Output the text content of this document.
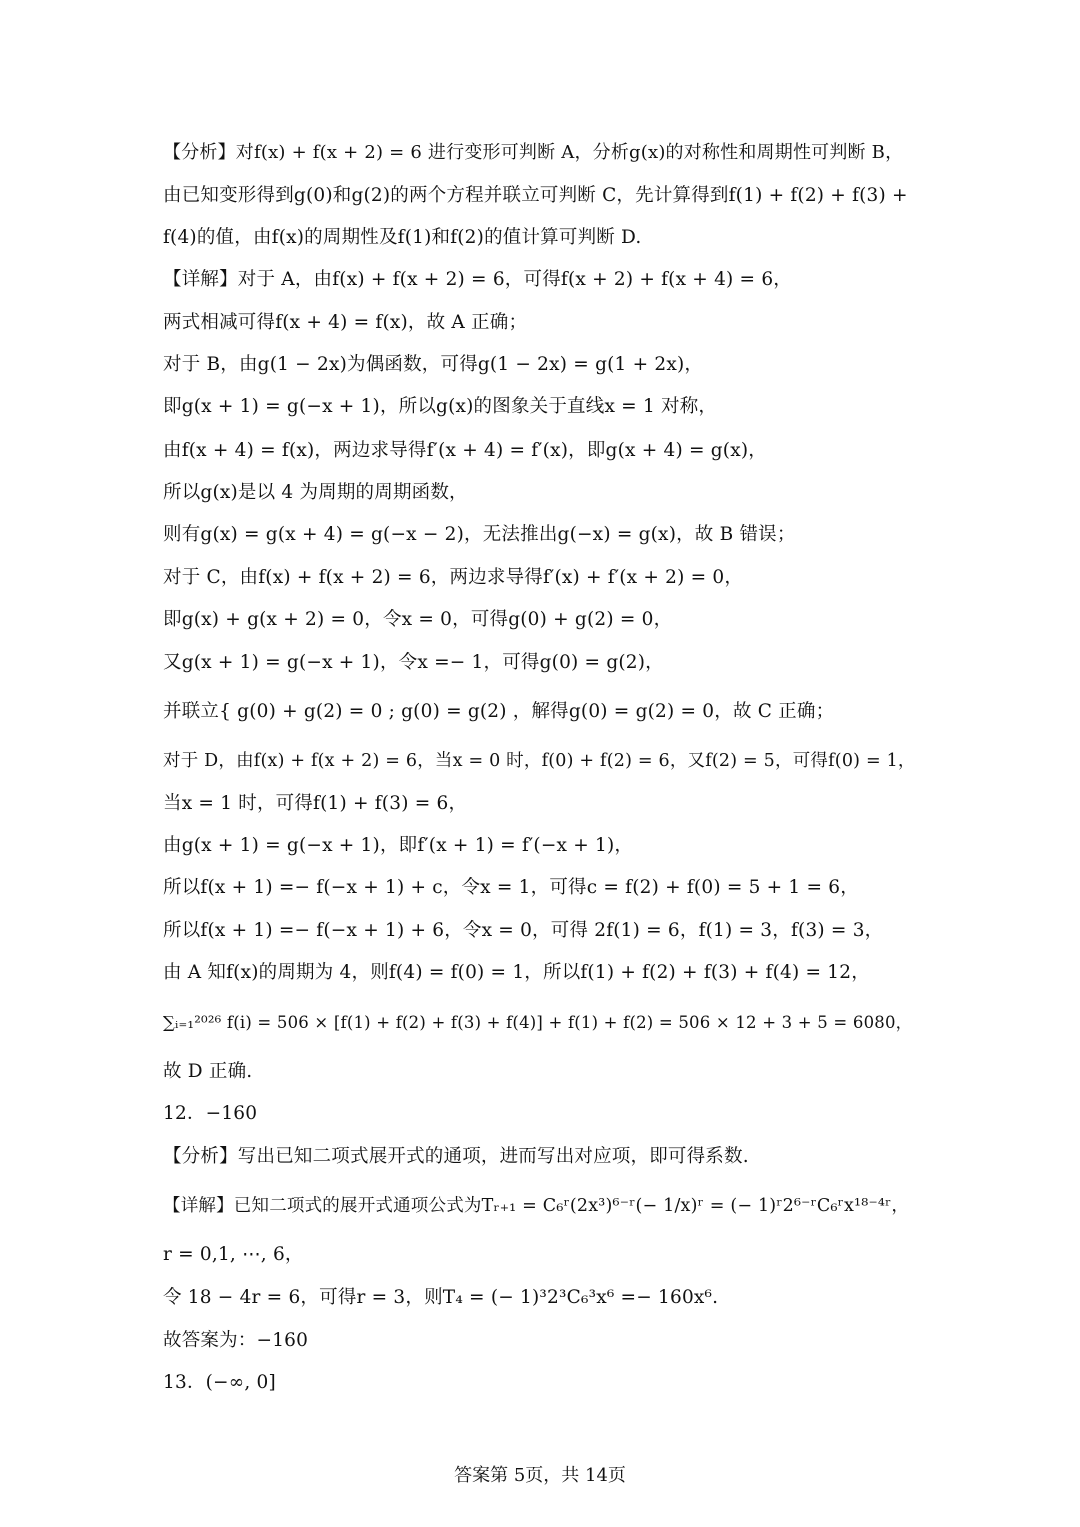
【分析】对f(x) + f(x + 2) = 6 进行变形可判断 A，分析g(x)的对称性和周期性可判断 B，
由已知变形得到g(0)和g(2)的两个方程并联立可判断 C，先计算得到f(1) + f(2) + f(3) +
f(4)的值，由f(x)的周期性及f(1)和f(2)的值计算可判断 D.
【详解】对于 A，由f(x) + f(x + 2) = 6，可得f(x + 2) + f(x + 4) = 6，
两式相减可得f(x + 4) = f(x)，故 A 正确；
对于 B，由g(1 − 2x)为偶函数，可得g(1 − 2x) = g(1 + 2x)，
即g(x + 1) = g(−x + 1)，所以g(x)的图象关于直线x = 1 对称，
由f(x + 4) = f(x)，两边求导得f′(x + 4) = f′(x)，即g(x + 4) = g(x)，
所以g(x)是以 4 为周期的周期函数，
则有g(x) = g(x + 4) = g(−x − 2)，无法推出g(−x) = g(x)，故 B 错误；
对于 C，由f(x) + f(x + 2) = 6，两边求导得f′(x) + f′(x + 2) = 0，
即g(x) + g(x + 2) = 0，令x = 0，可得g(0) + g(2) = 0，
又g(x + 1) = g(−x + 1)，令x =− 1，可得g(0) = g(2)，
并联立{ g(0) + g(2) = 0 ; g(0) = g(2) ，解得g(0) = g(2) = 0，故 C 正确；
对于 D，由f(x) + f(x + 2) = 6，当x = 0 时，f(0) + f(2) = 6，又f(2) = 5，可得f(0) = 1，
当x = 1 时，可得f(1) + f(3) = 6，
由g(x + 1) = g(−x + 1)，即f′(x + 1) = f′(−x + 1)，
所以f(x + 1) =− f(−x + 1) + c，令x = 1，可得c = f(2) + f(0) = 5 + 1 = 6，
所以f(x + 1) =− f(−x + 1) + 6，令x = 0，可得 2f(1) = 6，f(1) = 3，f(3) = 3，
由 A 知f(x)的周期为 4，则f(4) = f(0) = 1，所以f(1) + f(2) + f(3) + f(4) = 12，
∑ᵢ₌₁²⁰²⁶ f(i) = 506 × [f(1) + f(2) + f(3) + f(4)] + f(1) + f(2) = 506 × 12 + 3 + 5 = 6080，
故 D 正确.
12．−160
【分析】写出已知二项式展开式的通项，进而写出对应项，即可得系数.
【详解】已知二项式的展开式通项公式为Tᵣ₊₁ = C₆ʳ(2x³)⁶⁻ʳ(− 1/x)ʳ = (− 1)ʳ2⁶⁻ʳC₆ʳx¹⁸⁻⁴ʳ，
r = 0,1, ⋯, 6，
令 18 − 4r = 6，可得r = 3，则T₄ = (− 1)³2³C₆³x⁶ =− 160x⁶.
故答案为：−160
13．(−∞, 0]
答案第 5页，共 14页
